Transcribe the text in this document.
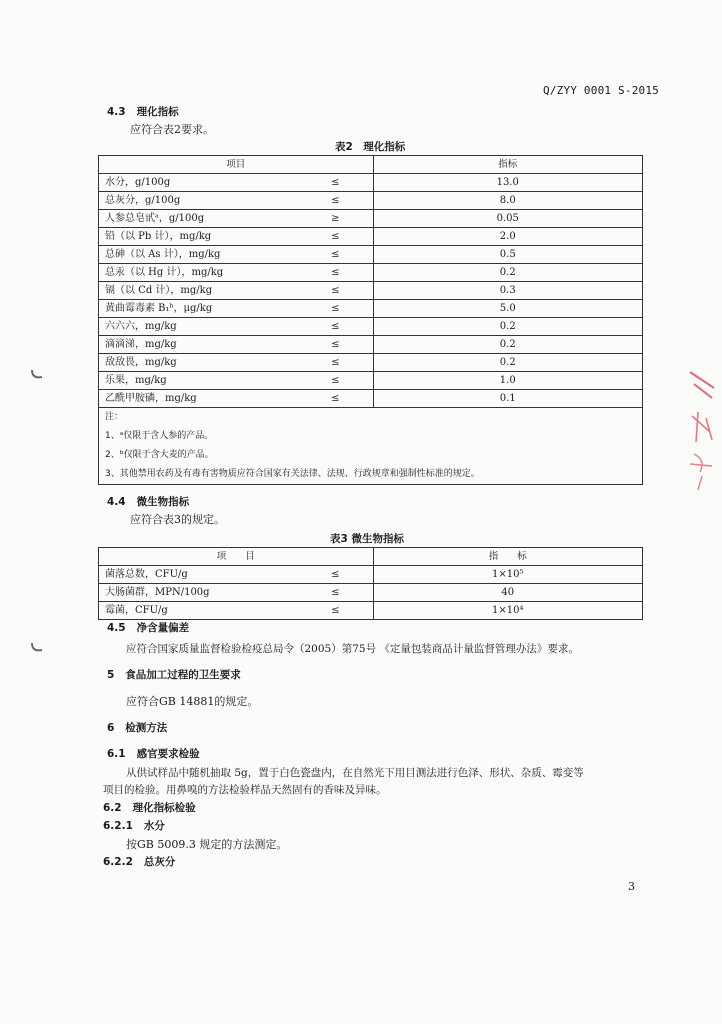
Q/ZYY 0001 S-2015
4.3 理化指标
应符合表2要求。
表2　理化指标
项目		指标
水分，g/100g	≤	13.0
总灰分，g/100g	≤	8.0
人参总皂甙ᵃ，g/100g	≥	0.05
铅（以 Pb 计），mg/kg	≤	2.0
总砷（以 As 计），mg/kg	≤	0.5
总汞（以 Hg 计），mg/kg	≤	0.2
镉（以 Cd 计），mg/kg	≤	0.3
黄曲霉毒素 B₁ᵇ，μg/kg	≤	5.0
六六六，mg/kg	≤	0.2
滴滴涕，mg/kg	≤	0.2
敌敌畏，mg/kg	≤	0.2
乐果，mg/kg	≤	1.0
乙酰甲胺磷，mg/kg	≤	0.1
注：		
1、ᵃ仅限于含人参的产品。		
2、ᵇ仅限于含大麦的产品。		
3、其他禁用农药及有毒有害物质应符合国家有关法律、法规、行政规章和强制性标准的规定。		
4.4 微生物指标
应符合表3的规定。
表3 微生物指标
项　　目		指　　标
菌落总数，CFU/g	≤	1×10⁵
大肠菌群，MPN/100g	≤	40
霉菌，CFU/g	≤	1×10⁴
4.5 净含量偏差
应符合国家质量监督检验检疫总局令（2005）第75号 《定量包装商品计量监督管理办法》要求。
5 食品加工过程的卫生要求
应符合GB 14881的规定。
6 检测方法
6.1 感官要求检验
从供试样品中随机抽取 5g，置于白色瓷盘内，在自然光下用目测法进行色泽、形状、杂质、霉变等
项目的检验。用鼻嗅的方法检验样品天然固有的香味及异味。
6.2 理化指标检验
6.2.1 水分
按GB 5009.3 规定的方法测定。
6.2.2 总灰分
3
